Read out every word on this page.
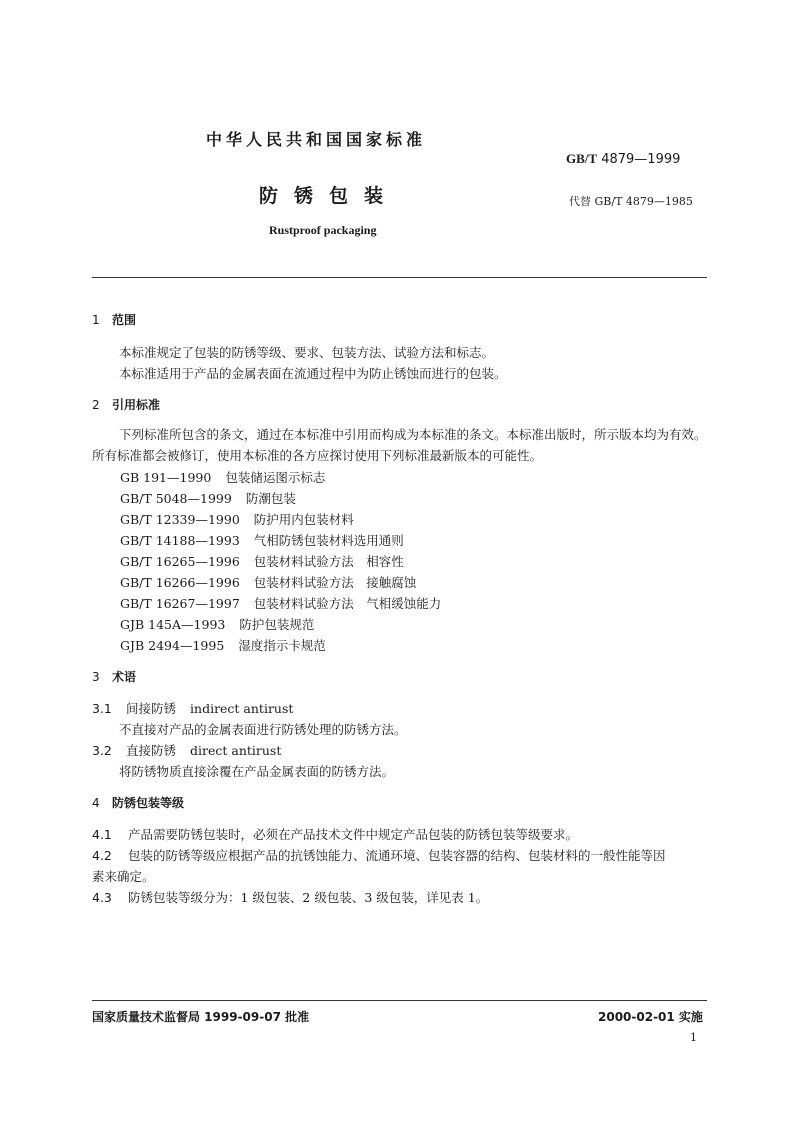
中华人民共和国国家标准
GB/T 4879—1999
防锈包装	代替 GB/T 4879—1985
Rustproof packaging
1 范围
本标准规定了包装的防锈等级、要求、包装方法、试验方法和标志。
本标准适用于产品的金属表面在流通过程中为防止锈蚀而进行的包装。
2 引用标准
下列标准所包含的条文，通过在本标准中引用而构成为本标准的条文。本标准出版时，所示版本均为有效。所有标准都会被修订，使用本标准的各方应探讨使用下列标准最新版本的可能性。
GB 191—1990 包装储运图示标志
GB/T 5048—1999 防潮包装
GB/T 12339—1990 防护用内包装材料
GB/T 14188—1993 气相防锈包装材料选用通则
GB/T 16265—1996 包装材料试验方法　相容性
GB/T 16266—1996 包装材料试验方法　接触腐蚀
GB/T 16267—1997 包装材料试验方法　气相缓蚀能力
GJB 145A—1993 防护包装规范
GJB 2494—1995 湿度指示卡规范
3 术语
3.1 间接防锈 indirect antirust
不直接对产品的金属表面进行防锈处理的防锈方法。
3.2 直接防锈 direct antirust
将防锈物质直接涂覆在产品金属表面的防锈方法。
4 防锈包装等级
4.1 产品需要防锈包装时，必须在产品技术文件中规定产品包装的防锈包装等级要求。
4.2 包装的防锈等级应根据产品的抗锈蚀能力、流通环境、包装容器的结构、包装材料的一般性能等因
素来确定。
4.3 防锈包装等级分为：1 级包装、2 级包装、3 级包装，详见表 1。
国家质量技术监督局 1999-09-07 批准	2000-02-01 实施
1
